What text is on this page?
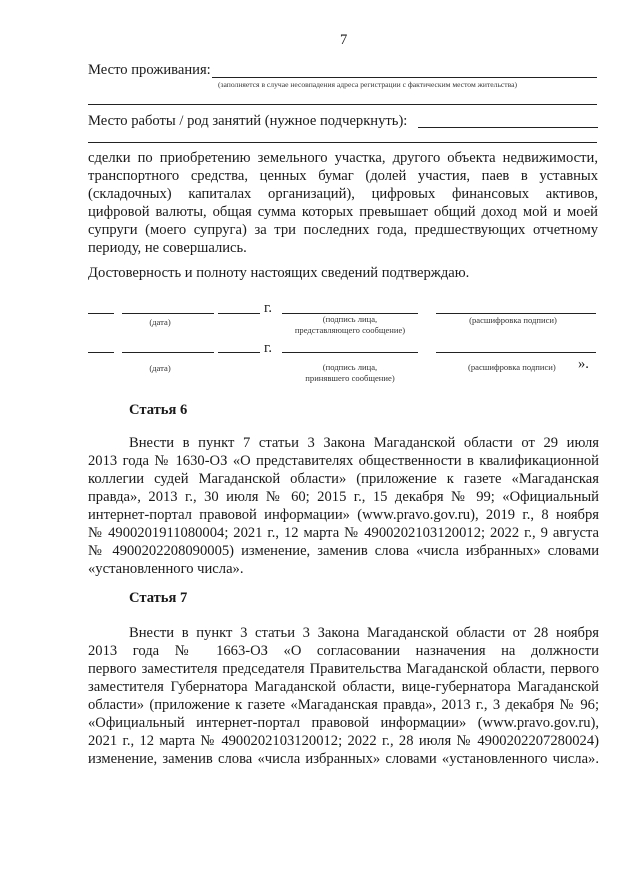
7
Место проживания:
(заполняется в случае несовпадения адреса регистрации с фактическим местом жительства)
Место работы / род занятий (нужное подчеркнуть):
сделки по приобретению земельного участка, другого объекта недвижимости,
транспортного средства, ценных бумаг (долей участия, паев в уставных
(складочных) капиталах организаций), цифровых финансовых активов,
цифровой валюты, общая сумма которых превышает общий доход мой и моей
супруги (моего супруга) за три последних года, предшествующих отчетному
периоду, не совершались.
Достоверность и полноту настоящих сведений подтверждаю.
г.
(дата)	(подпись лица,
представляющего сообщение)
(расшифровка подписи)
г.
(дата)	(подпись лица,
принявшего сообщение)
(расшифровка подписи) ».
Статья 6
Внести в пункт 7 статьи 3 Закона Магаданской области от 29 июля
2013 года № 1630-ОЗ «О представителях общественности в квалификационной
коллегии судей Магаданской области» (приложение к газете «Магаданская
правда», 2013 г., 30 июля № 60; 2015 г., 15 декабря № 99; «Официальный
интернет-портал правовой информации» (www.pravo.gov.ru), 2019 г., 8 ноября
№ 4900201911080004; 2021 г., 12 марта № 4900202103120012; 2022 г., 9 августа
№ 4900202208090005) изменение, заменив слова «числа избранных» словами
«установленного числа».
Статья 7
Внести в пункт 3 статьи 3 Закона Магаданской области от 28 ноября
2013 года № 1663-ОЗ «О согласовании назначения на должности
первого заместителя председателя Правительства Магаданской области, первого
заместителя Губернатора Магаданской области, вице-губернатора Магаданской
области» (приложение к газете «Магаданская правда», 2013 г., 3 декабря № 96;
«Официальный интернет-портал правовой информации» (www.pravo.gov.ru),
2021 г., 12 марта № 4900202103120012; 2022 г., 28 июля № 4900202207280024)
изменение, заменив слова «числа избранных» словами «установленного числа».
